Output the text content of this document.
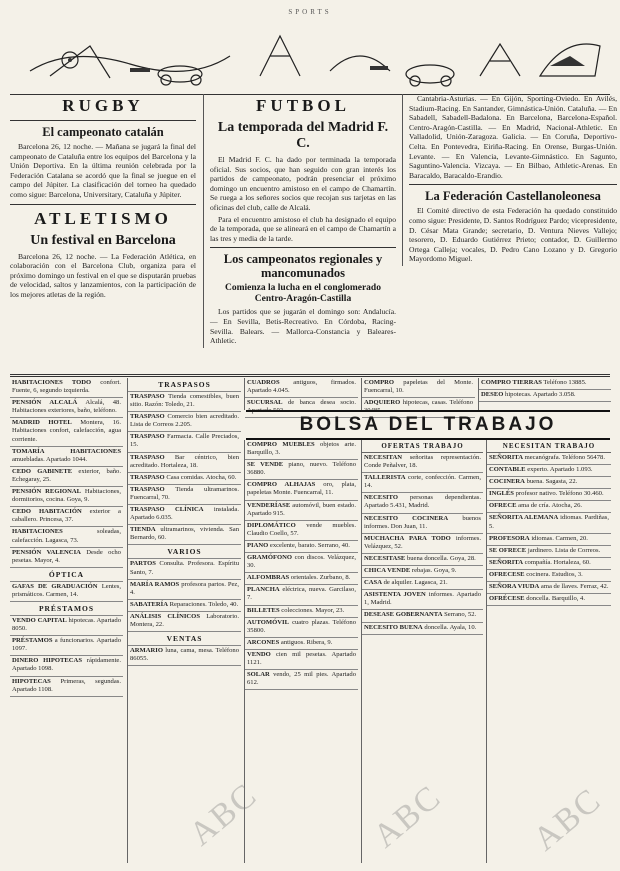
SPORTS
RUGBY
El campeonato catalán

Barcelona 26, 12 noche. — Mañana se jugará la final del campeonato de Cataluña entre los equipos del Barcelona y la Unión Deportiva. En la última reunión celebrada por la Federación Catalana se acordó que la final se juegue en el campo del Júpiter. La clasificación del torneo ha quedado como sigue: Barcelona, Universitary, Cataluña y Júpiter.

ATLETISMO
Un festival en Barcelona

Barcelona 26, 12 noche. — La Federación Atlética, en colaboración con el Barcelona Club, organiza para el próximo domingo un festival en el que se disputarán pruebas de velocidad, saltos y lanzamientos, con la participación de los mejores atletas de la región.

FUTBOL
La temporada del Madrid F. C.

El Madrid F. C. ha dado por terminada la temporada oficial. Sus socios, que han seguido con gran interés los partidos de campeonato, podrán presenciar el próximo domingo un encuentro amistoso en el campo de Chamartín. Se ruega a los señores socios que recojan sus tarjetas en las oficinas del club, calle de Alcalá.

Para el encuentro amistoso el club ha designado el equipo de la temporada, que se alineará en el campo de Chamartín a las tres y media de la tarde.

Los campeonatos regionales y mancomunados
Comienza la lucha en el conglomerado Centro-Aragón-Castilla

Los partidos que se jugarán el domingo son: Andalucía. — En Sevilla, Betis-Recreativo. En Córdoba, Racing-Sevilla. Balears. — Mallorca-Constancia y Baleares-Athletic.

Cantabria-Asturias. — En Gijón, Sporting-Oviedo. En Avilés, Stadium-Racing. En Santander, Gimnástica-Unión. Cataluña. — En Sabadell, Sabadell-Badalona. En Barcelona, Barcelona-Español. Centro-Aragón-Castilla. — En Madrid, Nacional-Athletic. En Valladolid, Unión-Zaragoza. Galicia. — En Coruña, Deportivo-Celta. En Pontevedra, Eiriña-Racing. En Orense, Burgas-Unión. Levante. — En Valencia, Levante-Gimnástico. En Sagunto, Saguntino-Valencia. Vizcaya. — En Bilbao, Athletic-Arenas. En Baracaldo, Baracaldo-Erandio.

La Federación Castellanoleonesa

El Comité directivo de esta Federación ha quedado constituido como sigue: Presidente, D. Santos Rodríguez Pardo; vicepresidente, D. César Mata Grande; secretario, D. Ventura Nieves Vallejo; tesorero, D. Eduardo Gutiérrez Prieto; contador, D. Guillermo Ortega Calleja; vocales, D. Pedro Cano Lozano y D. Gregorio Mayordomo Miguel.

HABITACIONES TODO confort. Fuente, 6, segundo izquierda.
PENSIÓN ALCALÁ Alcalá, 48. Habitaciones exteriores, baño, teléfono.
MADRID HOTEL Montera, 16. Habitaciones confort, calefacción, agua corriente.
TOMARÍA HABITACIONES amuebladas. Apartado 1044.
CEDO GABINETE exterior, baño. Echegaray, 25.
PENSIÓN REGIONAL Habitaciones, dormitorios, cocina. Goya, 9.
CEDO HABITACIÓN exterior a caballero. Princesa, 37.
HABITACIONES	soleadas, calefacción. Lagasca, 73.
PENSIÓN VALENCIA Desde ocho pesetas. Mayor, 4.
ÓPTICA
GAFAS DE GRADUACIÓN Lentes, prismáticos. Carmen, 14.
PRÉSTAMOS
VENDO CAPITAL hipotecas. Apartado 8050.
PRÉSTAMOS a funcionarios. Apartado 1097.
DINERO HIPOTECAS rápidamente. Apartado 1098.
HIPOTECAS Primeras, segundas. Apartado 1108.
TRASPASOS
TRASPASO Tienda comestibles, buen sitio. Razón: Toledo, 21.
TRASPASO Comercio bien acreditado. Lista de Correos 2.205.
TRASPASO Farmacia. Calle Preciados, 15.
TRASPASO Bar céntrico, bien acreditado. Hortaleza, 18.
TRASPASO Casa comidas. Atocha, 60.
TRASPASO Tienda ultramarinos. Fuencarral, 70.
TRASPASO CLÍNICA instalada. Apartado 6.035.
TIENDA ultramarinos, vivienda. San Bernardo, 60.
VARIOS
PARTOS Consulta. Profesora. Espíritu Santo, 7.
MARÍA RAMOS profesora partos. Pez, 4.
SABATERÍA Reparaciones. Toledo, 40.
ANÁLISIS CLÍNICOS Laboratorio. Montera, 22.
VENTAS
ARMARIO luna, cama, mesa. Teléfono 86055.
CUADROS antiguos, firmados. Apartado 4.045.
SUCURSAL de banca desea socio. Apartado 502.
COMPRO papeletas del Monte. Fuencarral, 10.
ADQUIERO hipotecas, casas. Teléfono 30485.
COMPRO TIERRAS Teléfono 13885.
DESEO hipotecas. Apartado 3.058.
BOLSA DEL TRABAJO
COMPRO MUEBLES objetos arte. Barquillo, 3.
SE VENDE piano, nuevo. Teléfono 36880.
COMPRO ALHAJAS oro, plata, papeletas Monte. Fuencarral, 11.
VENDERÍASE automóvil, buen estado. Apartado 915.
DIPLOMÁTICO vende muebles. Claudio Coello, 57.
PIANO excelente, barato. Serrano, 40.
GRAMÓFONO con discos. Velázquez, 30.
ALFOMBRAS orientales. Zurbano, 8.
PLANCHA eléctrica, nueva. Garcilaso, 7.
BILLETES colecciones. Mayor, 23.
AUTOMÓVIL cuatro plazas. Teléfono 35800.
ARCONES antiguos. Ribera, 9.
VENDO cien mil pesetas. Apartado 1121.
SOLAR vendo, 25 mil pies. Apartado 612.
OFERTAS TRABAJO
NECESITAN señoritas representación. Conde Peñalver, 18.
TALLERISTA corte, confección. Carmen, 14.
NECESITO personas dependientas. Apartado 5.431, Madrid.
NECESITO COCINERA buenos informes. Don Juan, 11.
MUCHACHA PARA TODO informes. Velázquez, 52.
NECESITASE buena doncella. Goya, 28.
CHICA VENDE rebajas. Goya, 9.
CASA de alquiler. Lagasca, 21.
ASISTENTA JOVEN informes. Apartado 1, Madrid.
DESEASE GOBERNANTA Serrano, 52.
NECESITO BUENA doncella. Ayala, 10.
NECESITAN TRABAJO
SEÑORITA mecanógrafa. Teléfono 56478.
CONTABLE experto. Apartado 1.093.
COCINERA buena. Sagasta, 22.
INGLÉS profesor nativo. Teléfono 30.460.
OFRECE ama de cría. Atocha, 26.
SEÑORITA ALEMANA idiomas. Pardiñas, 5.
PROFESORA idiomas. Carmen, 20.
SE OFRECE jardinero. Lista de Correos.
SEÑORITA compañía. Hortaleza, 60.
OFRECESE cocinera. Estudios, 3.
SEÑORA VIUDA ama de llaves. Ferraz, 42.
OFRÉCESE doncella. Barquillo, 4.
ABC	ABC ABC
